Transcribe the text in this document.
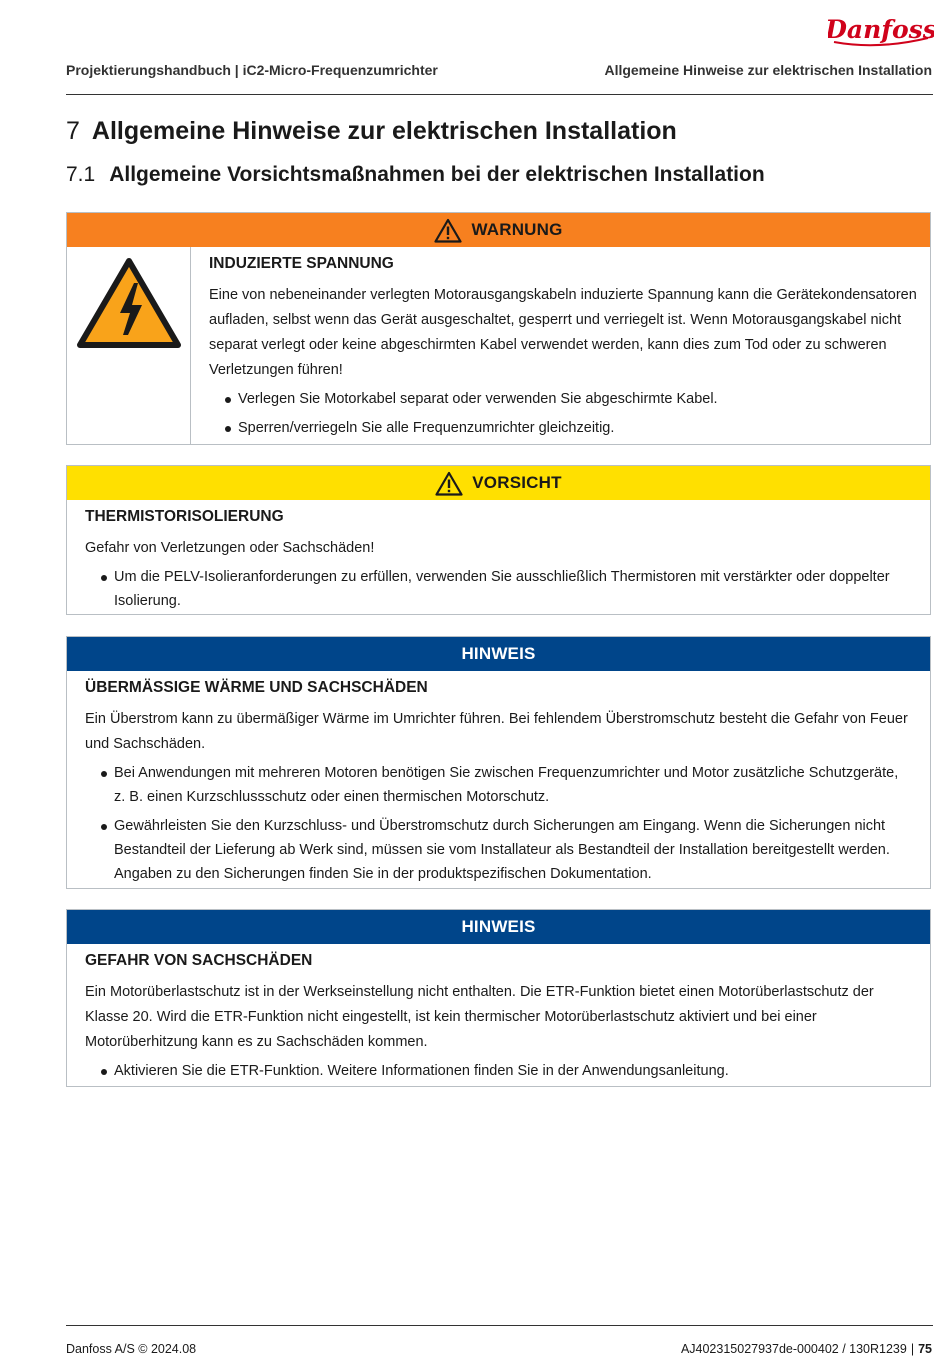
Danfoss
Projektierungshandbuch | iC2-Micro-Frequenzumrichter	Allgemeine Hinweise zur elektrischen Installation
7 Allgemeine Hinweise zur elektrischen Installation
7.1 Allgemeine Vorsichtsmaßnahmen bei der elektrischen Installation
WARNUNG
INDUZIERTE SPANNUNG
Eine von nebeneinander verlegten Motorausgangskabeln induzierte Spannung kann die Gerätekondensatoren aufladen, selbst wenn das Gerät ausgeschaltet, gesperrt und verriegelt ist. Wenn Motorausgangskabel nicht separat verlegt oder keine abgeschirmten Kabel verwendet werden, kann dies zum Tod oder zu schweren Verletzungen führen!
Verlegen Sie Motorkabel separat oder verwenden Sie abgeschirmte Kabel.
Sperren/verriegeln Sie alle Frequenzumrichter gleichzeitig.
VORSICHT
THERMISTORISOLIERUNG
Gefahr von Verletzungen oder Sachschäden!
Um die PELV-Isolieranforderungen zu erfüllen, verwenden Sie ausschließlich Thermistoren mit verstärkter oder doppelter Isolierung.
HINWEIS
ÜBERMÄSSIGE WÄRME UND SACHSCHÄDEN
Ein Überstrom kann zu übermäßiger Wärme im Umrichter führen. Bei fehlendem Überstromschutz besteht die Gefahr von Feuer und Sachschäden.
Bei Anwendungen mit mehreren Motoren benötigen Sie zwischen Frequenzumrichter und Motor zusätzliche Schutzgeräte, z. B. einen Kurzschlussschutz oder einen thermischen Motorschutz.
Gewährleisten Sie den Kurzschluss- und Überstromschutz durch Sicherungen am Eingang. Wenn die Sicherungen nicht Bestandteil der Lieferung ab Werk sind, müssen sie vom Installateur als Bestandteil der Installation bereitgestellt werden. Angaben zu den Sicherungen finden Sie in der produktspezifischen Dokumentation.
HINWEIS
GEFAHR VON SACHSCHÄDEN
Ein Motorüberlastschutz ist in der Werkseinstellung nicht enthalten. Die ETR-Funktion bietet einen Motorüberlastschutz der Klasse 20. Wird die ETR-Funktion nicht eingestellt, ist kein thermischer Motorüberlastschutz aktiviert und bei einer Motorüberhitzung kann es zu Sachschäden kommen.
Aktivieren Sie die ETR-Funktion. Weitere Informationen finden Sie in der Anwendungsanleitung.
Danfoss A/S © 2024.08	AJ402315027937de-000402 / 130R1239 | 75
